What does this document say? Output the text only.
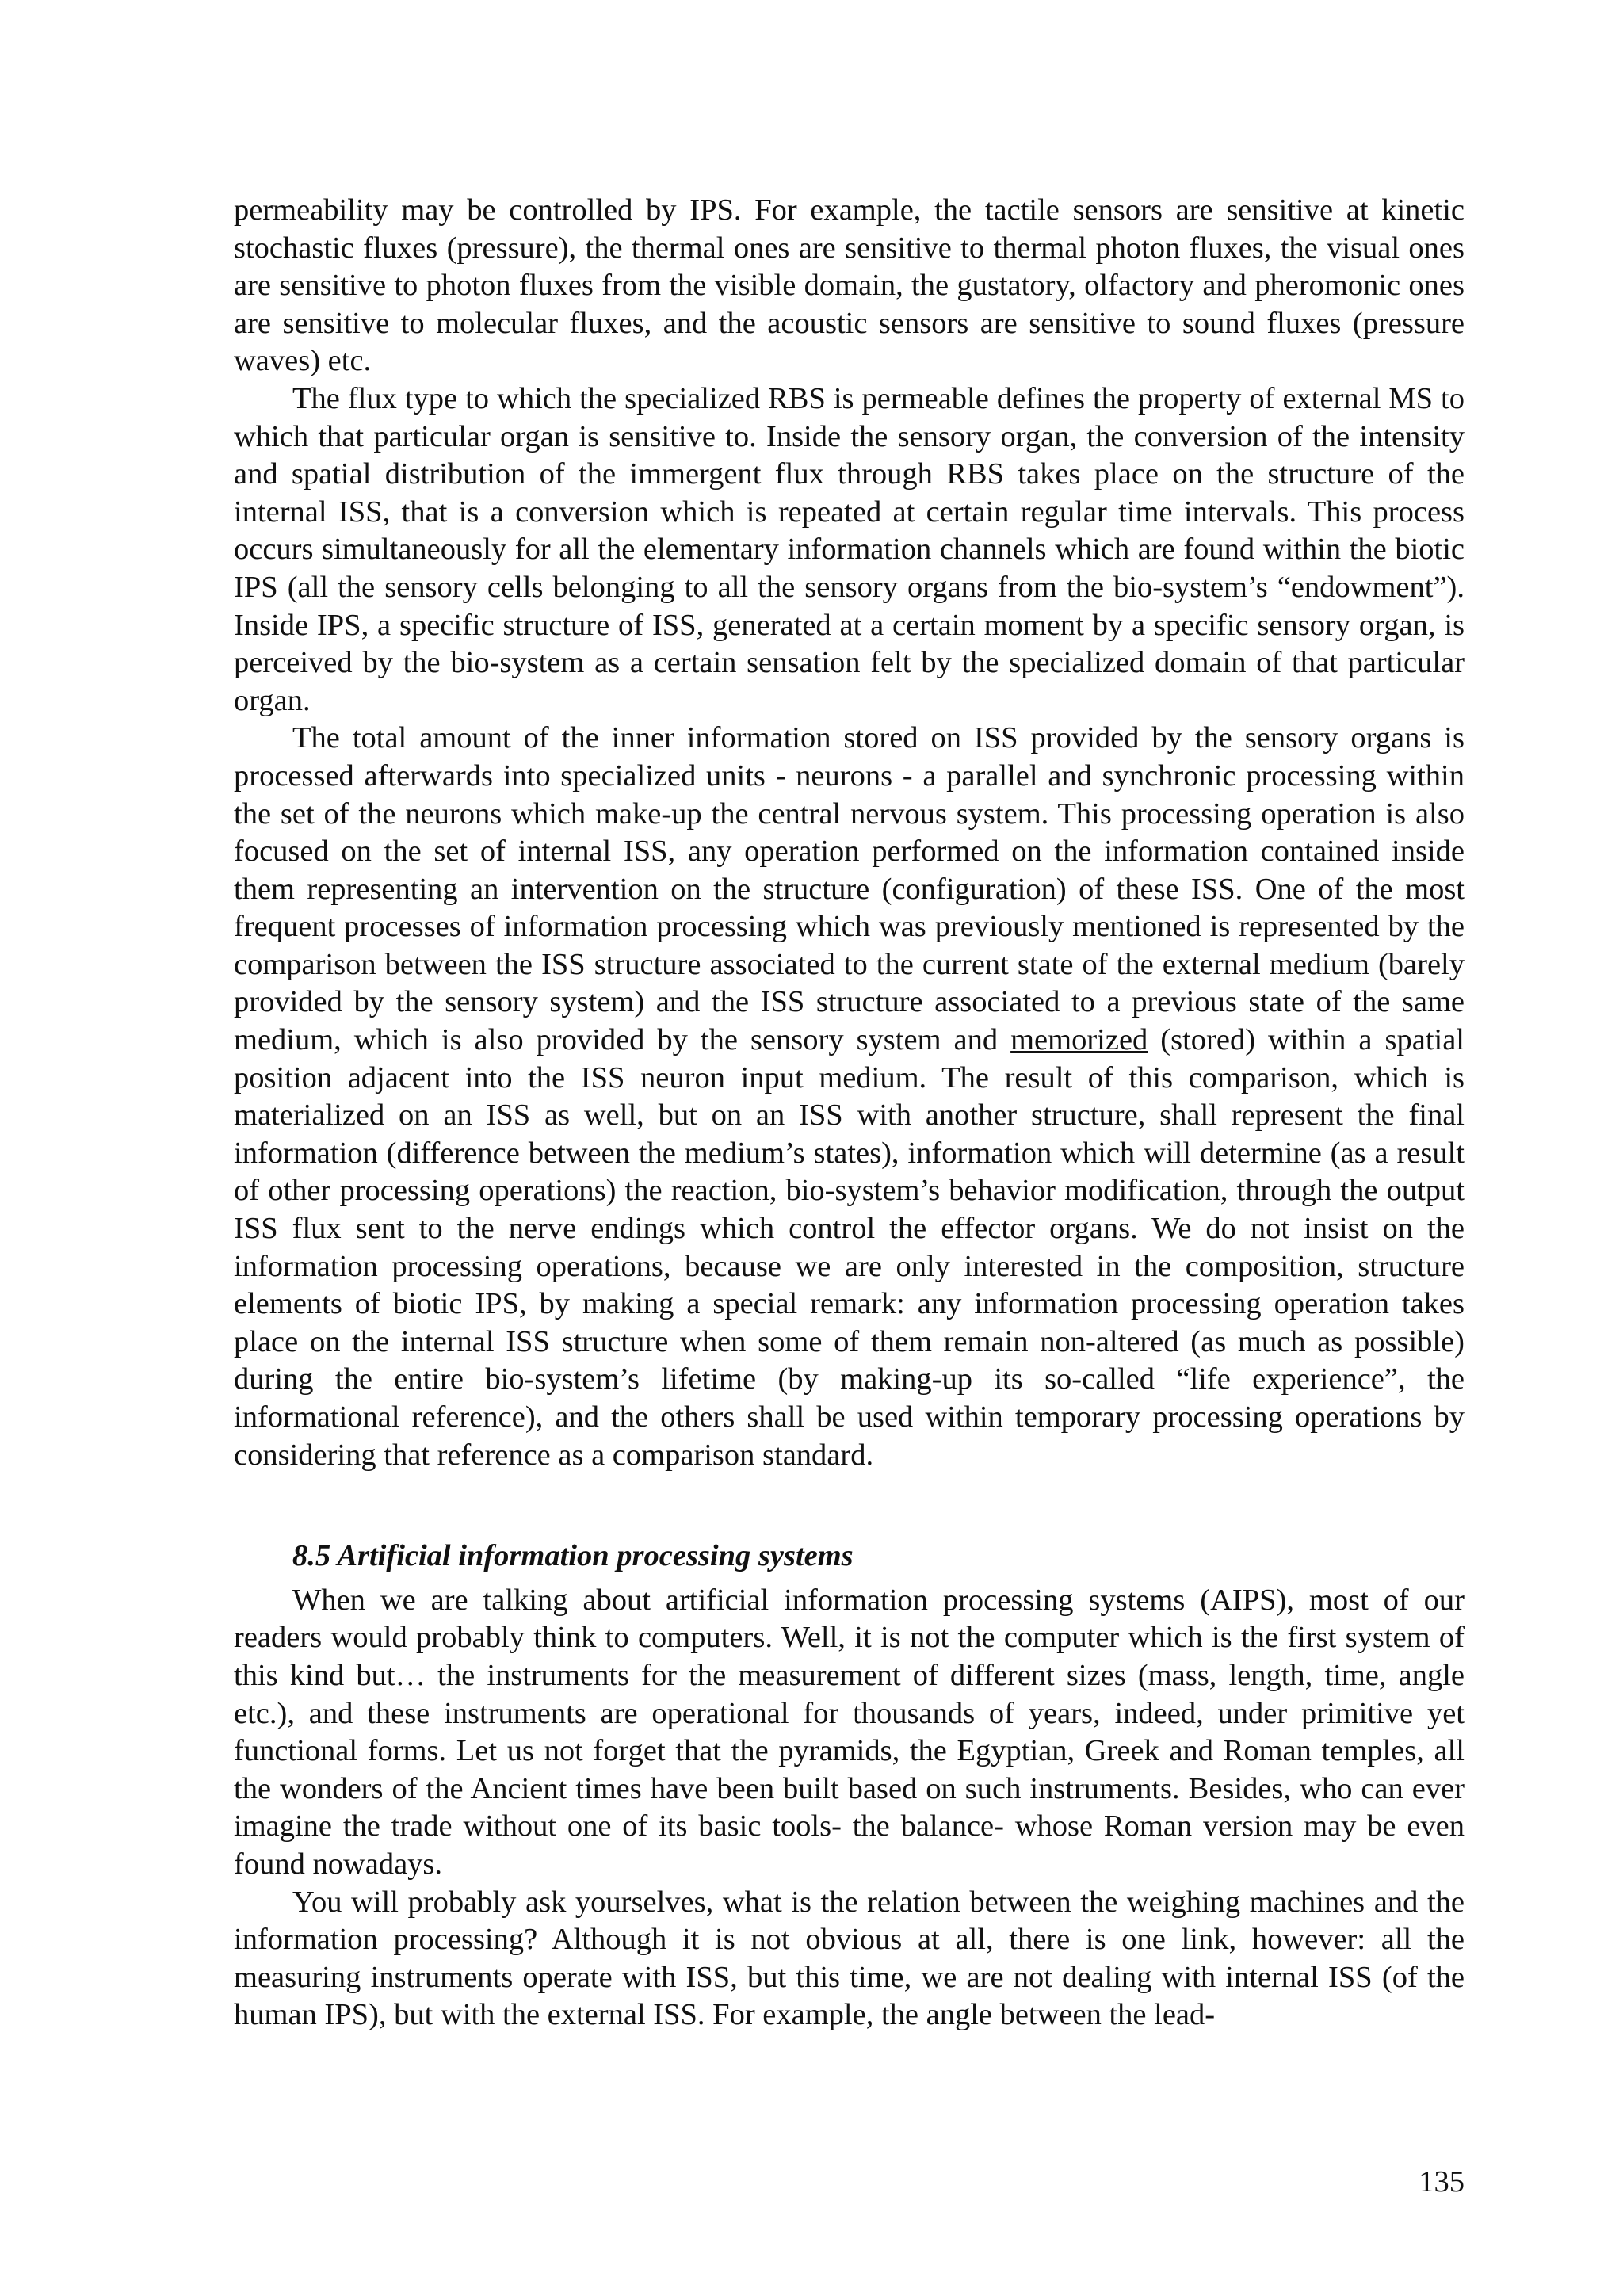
permeability may be controlled by IPS. For example, the tactile sensors are sensitive at kinetic stochastic fluxes (pressure), the thermal ones are sensitive to thermal photon fluxes, the visual ones are sensitive to photon fluxes from the visible domain, the gustatory, olfactory and pheromonic ones are sensitive to molecular fluxes, and the acoustic sensors are sensitive to sound fluxes (pressure waves) etc.

The flux type to which the specialized RBS is permeable defines the property of external MS to which that particular organ is sensitive to. Inside the sensory organ, the conversion of the intensity and spatial distribution of the immergent flux through RBS takes place on the structure of the internal ISS, that is a conversion which is repeated at certain regular time intervals. This process occurs simultaneously for all the elementary information channels which are found within the biotic IPS (all the sensory cells belonging to all the sensory organs from the bio-system’s “endowment”). Inside IPS, a specific structure of ISS, generated at a certain moment by a specific sensory organ, is perceived by the bio-system as a certain sensation felt by the specialized domain of that particular organ.

The total amount of the inner information stored on ISS provided by the sensory organs is processed afterwards into specialized units - neurons - a parallel and synchronic processing within the set of the neurons which make-up the central nervous system. This processing operation is also focused on the set of internal ISS, any operation performed on the information contained inside them representing an intervention on the structure (configuration) of these ISS. One of the most frequent processes of information processing which was previously mentioned is represented by the comparison between the ISS structure associated to the current state of the external medium (barely provided by the sensory system) and the ISS structure associated to a previous state of the same medium, which is also provided by the sensory system and memorized (stored) within a spatial position adjacent into the ISS neuron input medium. The result of this comparison, which is materialized on an ISS as well, but on an ISS with another structure, shall represent the final information (difference between the medium’s states), information which will determine (as a result of other processing operations) the reaction, bio-system’s behavior modification, through the output ISS flux sent to the nerve endings which control the effector organs. We do not insist on the information processing operations, because we are only interested in the composition, structure elements of biotic IPS, by making a special remark: any information processing operation takes place on the internal ISS structure when some of them remain non-altered (as much as possible) during the entire bio-system’s lifetime (by making-up its so-called “life experience”, the informational reference), and the others shall be used within temporary processing operations by considering that reference as a comparison standard.

8.5 Artificial information processing systems

When we are talking about artificial information processing systems (AIPS), most of our readers would probably think to computers. Well, it is not the computer which is the first system of this kind but… the instruments for the measurement of different sizes (mass, length, time, angle etc.), and these instruments are operational for thousands of years, indeed, under primitive yet functional forms. Let us not forget that the pyramids, the Egyptian, Greek and Roman temples, all the wonders of the Ancient times have been built based on such instruments. Besides, who can ever imagine the trade without one of its basic tools- the balance- whose Roman version may be even found nowadays.

You will probably ask yourselves, what is the relation between the weighing machines and the information processing? Although it is not obvious at all, there is one link, however: all the measuring instruments operate with ISS, but this time, we are not dealing with internal ISS (of the human IPS), but with the external ISS. For example, the angle between the lead-

135
